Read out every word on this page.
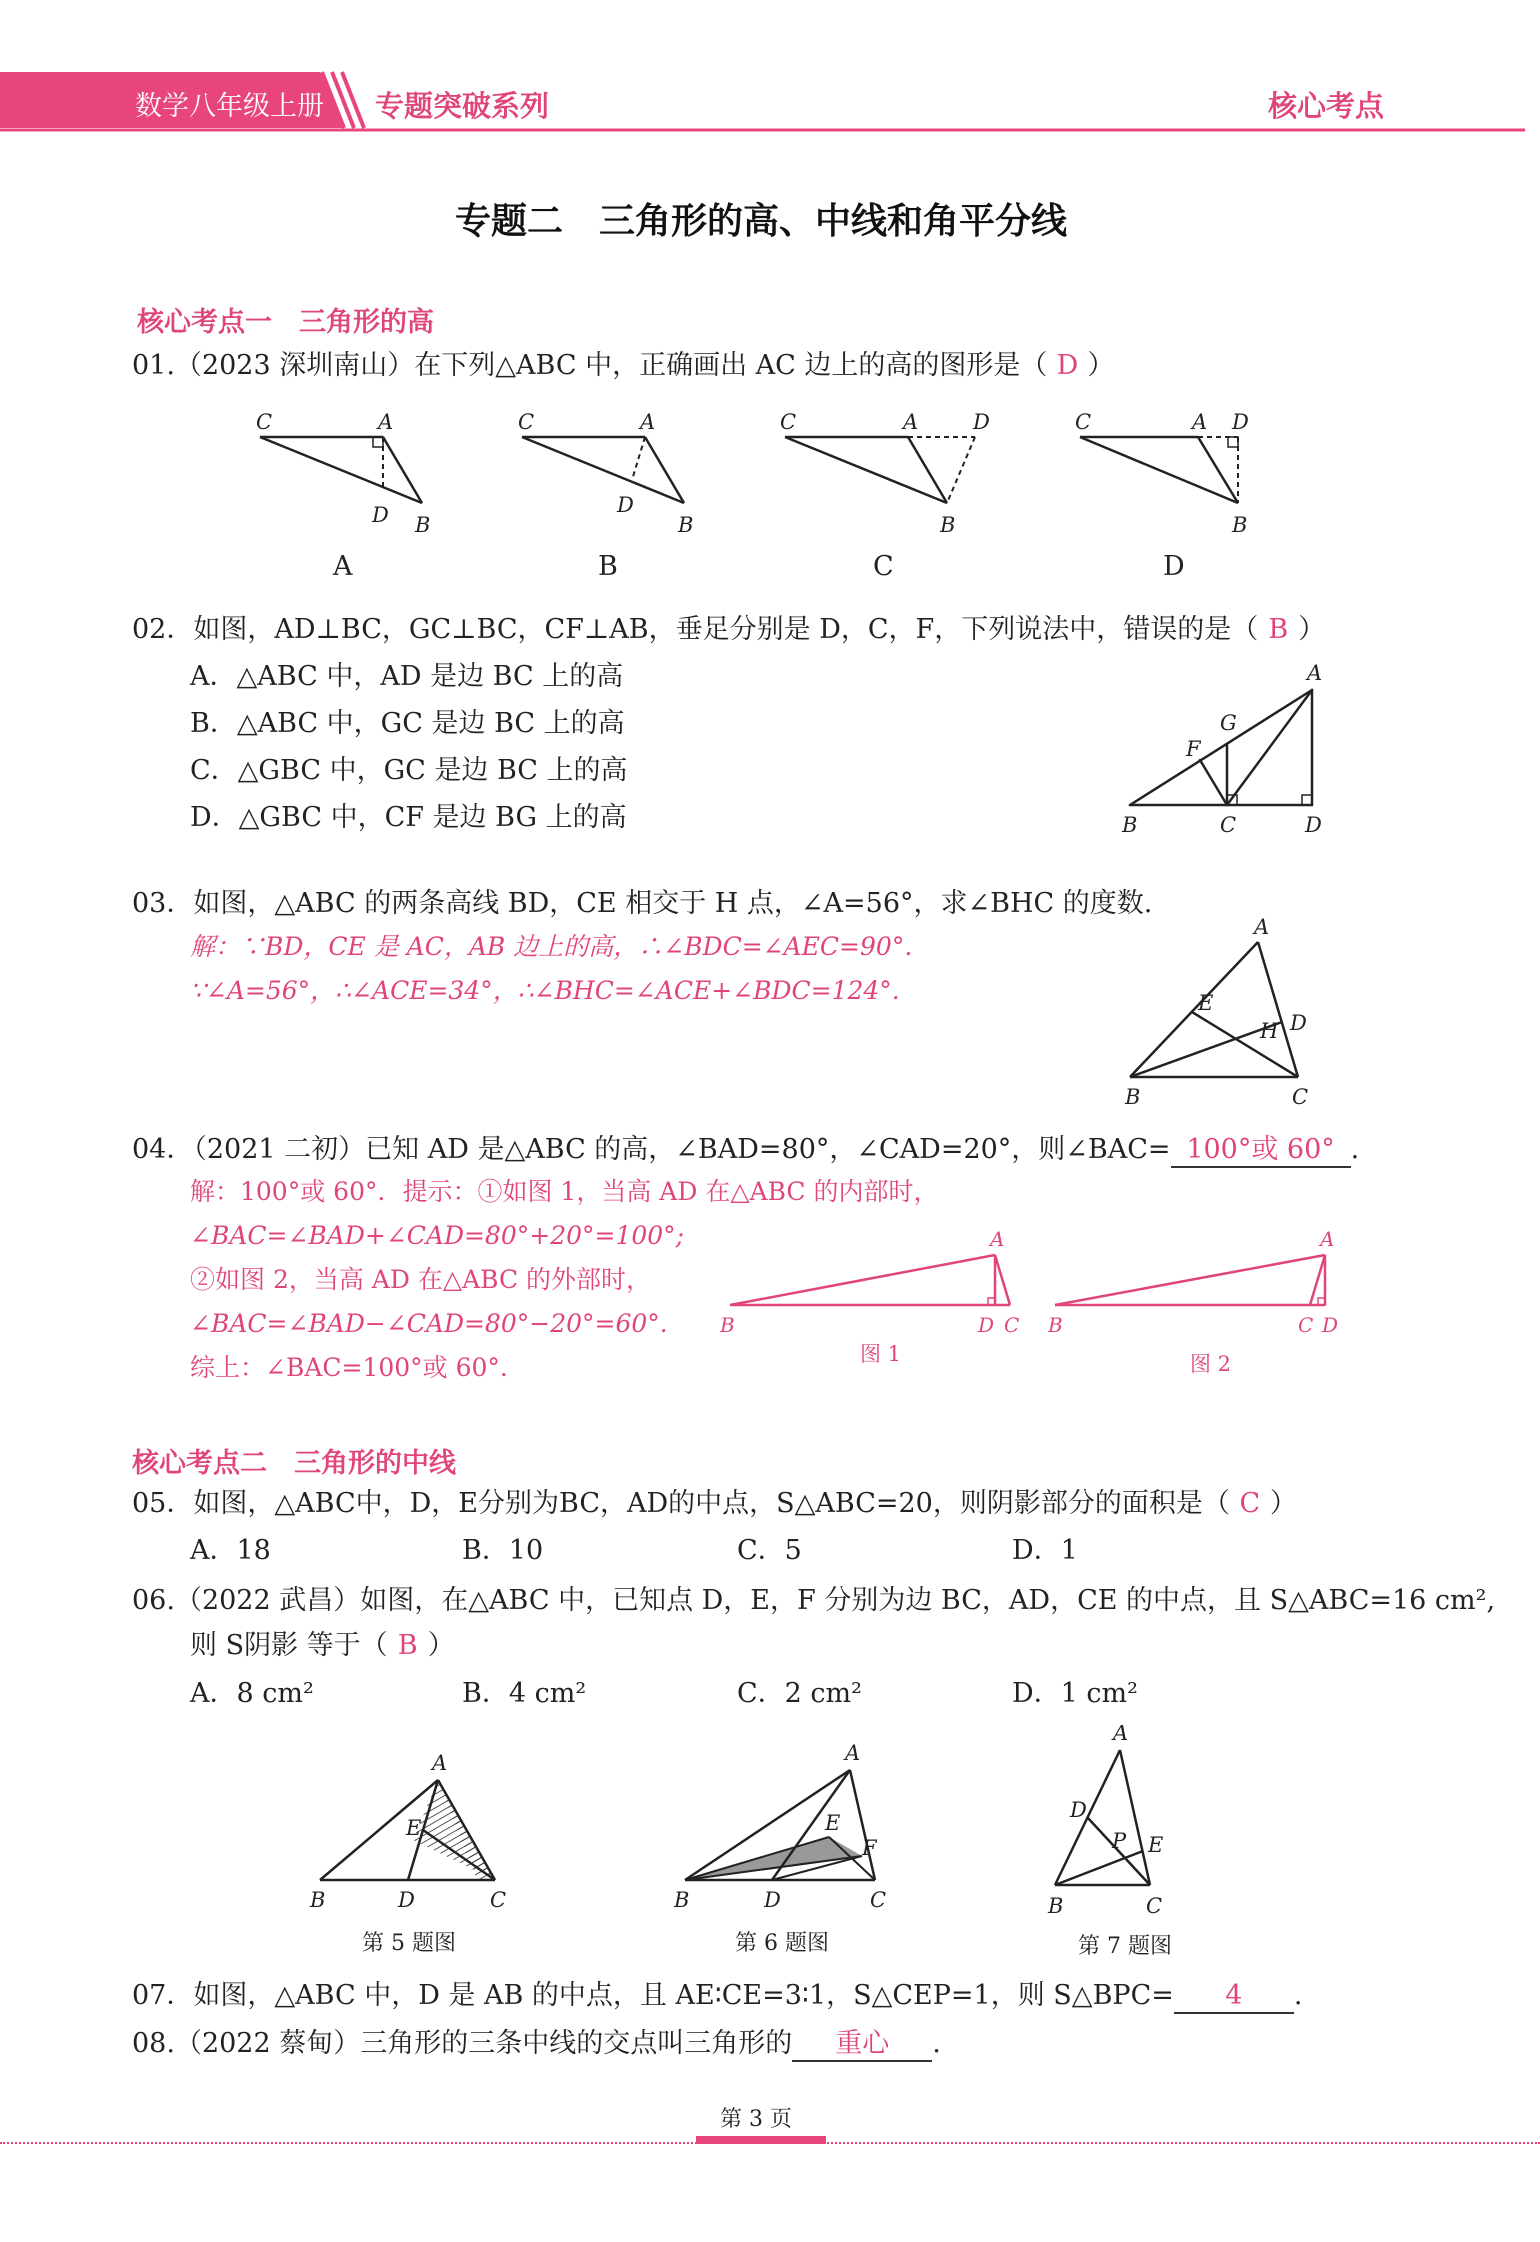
数学八年级上册 专题突破系列	核心考点
专题二　三角形的高、中线和角平分线
核心考点一　三角形的高
01.（2023 深圳南山）在下列△ABC 中，正确画出 AC 边上的高的图形是（ D ）
C	A
D B
C	A
D
B
C	A	D
B
C	A D
B
A	B	C	D
02．如图，AD⊥BC，GC⊥BC，CF⊥AB，垂足分别是 D，C，F，下列说法中，错误的是（ B ）
A．△ABC 中，AD 是边 BC 上的高
B．△ABC 中，GC 是边 BC 上的高
C．△GBC 中，GC 是边 BC 上的高
D．△GBC 中，CF 是边 BG 上的高
A
G
F
B	C	D
03．如图，△ABC 的两条高线 BD，CE 相交于 H 点，∠A=56°，求∠BHC 的度数.
解：∵BD，CE 是 AC，AB 边上的高，∴∠BDC=∠AEC=90°.
∵∠A=56°，∴∠ACE=34°，∴∠BHC=∠ACE+∠BDC=124°.
A
E
H D
B	C
04．（2021 二初）已知 AD 是△ABC 的高，∠BAD=80°，∠CAD=20°，则∠BAC= 100°或 60° .
解：100°或 60°．提示：①如图 1，当高 AD 在△ABC 的内部时，
∠BAC=∠BAD+∠CAD=80°+20°=100°;
②如图 2，当高 AD 在△ABC 的外部时，
∠BAC=∠BAD−∠CAD=80°−20°=60°.
综上：∠BAC=100°或 60°.
A
B	D C
A
B	C D
图 1	图 2
核心考点二　三角形的中线
05．如图，△ABC中，D，E分别为BC，AD的中点，S△ABC=20，则阴影部分的面积是（ C ）
A．18	B．10	C．5	D．1
06.（2022 武昌）如图，在△ABC 中，已知点 D，E，F 分别为边 BC，AD，CE 的中点，且 S△ABC=16 cm²,
则 S阴影 等于（ B ）
A．8 cm²	B．4 cm²	C．2 cm²	D．1 cm²
A
E
B	D	C
A
E
F
B	D	C
A
D
P E
B	C
第 5 题图	第 6 题图	第 7 题图
07．如图，△ABC 中，D 是 AB 的中点，且 AE∶CE=3∶1，S△CEP=1，则 S△BPC= 4 .
08.（2022 蔡甸）三角形的三条中线的交点叫三角形的 重心 .
第 3 页
